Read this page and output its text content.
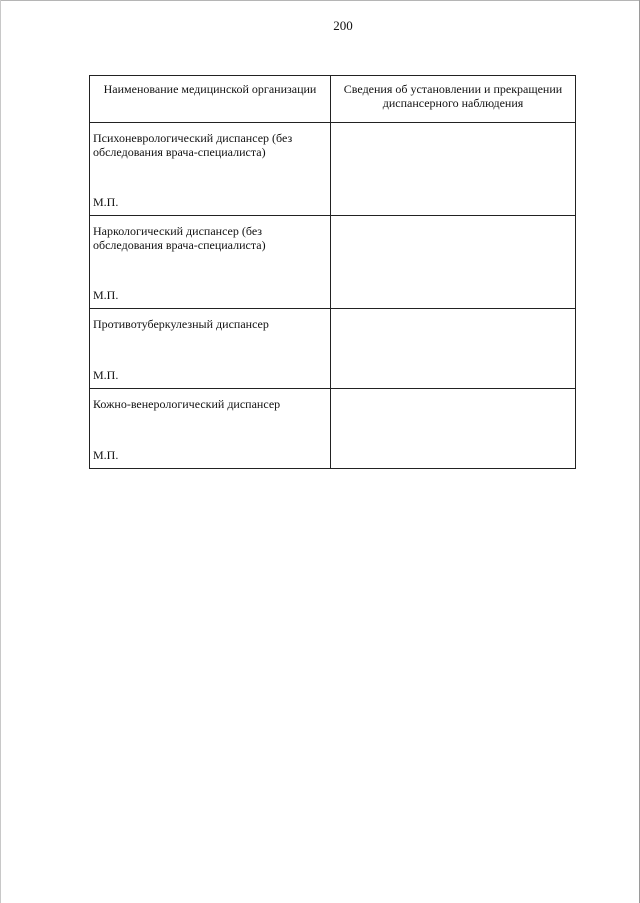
200
Наименование медицинской организации	Сведения об установлении и прекращении диспансерного наблюдения

Психоневрологический диспансер (без обследования врача-специалиста)
М.П.	

Наркологический диспансер (без обследования врача-специалиста)
М.П.	

Противотуберкулезный диспансер
М.П.	

Кожно-венерологический диспансер
М.П.	
